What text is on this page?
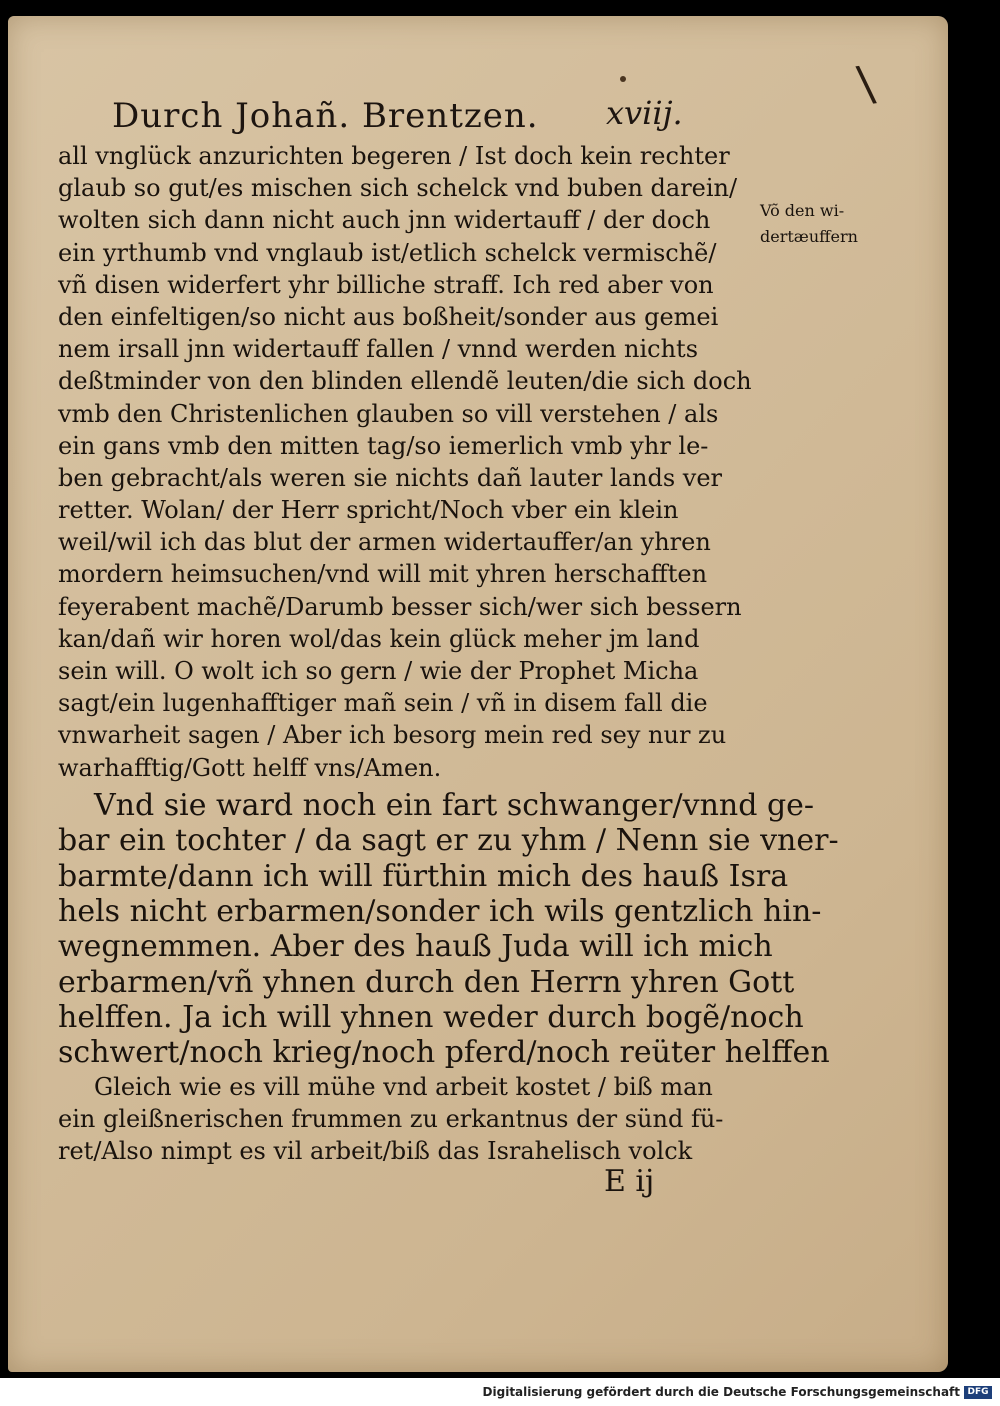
\
Durch Johañ. Brentzen. xviij.
Võ den wi‑ dertæuffern
all vnglück anzurichten begeren / Ist doch kein rechter
glaub so gut/es mischen sich schelck vnd buben darein/
wolten sich dann nicht auch jnn widertauff / der doch
ein yrthumb vnd vnglaub ist/etlich schelck vermischẽ/
vñ disen widerfert yhr billiche straff. Ich red aber von
den einfeltigen/so nicht aus boßheit/sonder aus gemei
nem irsall jnn widertauff fallen / vnnd werden nichts
deßtminder von den blinden ellendẽ leuten/die sich doch
vmb den Christenlichen glauben so vill verstehen / als
ein gans vmb den mitten tag/so iemerlich vmb yhr le‑
ben gebracht/als weren sie nichts dañ lauter lands ver
retter. Wolan/ der Herr spricht/Noch vber ein klein
weil/wil ich das blut der armen widertauffer/an yhren
mordern heimsuchen/vnd will mit yhren herschafften
feyerabent machẽ/Darumb besser sich/wer sich bessern
kan/dañ wir horen wol/das kein glück meher jm land
sein will. O wolt ich so gern / wie der Prophet Micha
sagt/ein lugenhafftiger mañ sein / vñ in disem fall die
vnwarheit sagen / Aber ich besorg mein red sey nur zu
warhafftig/Gott helff vns/Amen.
Vnd sie ward noch ein fart schwanger/vnnd ge‑
bar ein tochter / da sagt er zu yhm / Nenn sie vner‑
barmte/dann ich will fürthin mich des hauß Isra
hels nicht erbarmen/sonder ich wils gentzlich hin‑
wegnemmen. Aber des hauß Juda will ich mich
erbarmen/vñ yhnen durch den Herrn yhren Gott
helffen. Ja ich will yhnen weder durch bogẽ/noch
schwert/noch krieg/noch pferd/noch reüter helffen
Gleich wie es vill mühe vnd arbeit kostet / biß man
ein gleißnerischen frummen zu erkantnus der sünd fü‑
ret/Also nimpt es vil arbeit/biß das Israhelisch volck
E ij
Digitalisierung gefördert durch die Deutsche Forschungsgemeinschaft DFG
